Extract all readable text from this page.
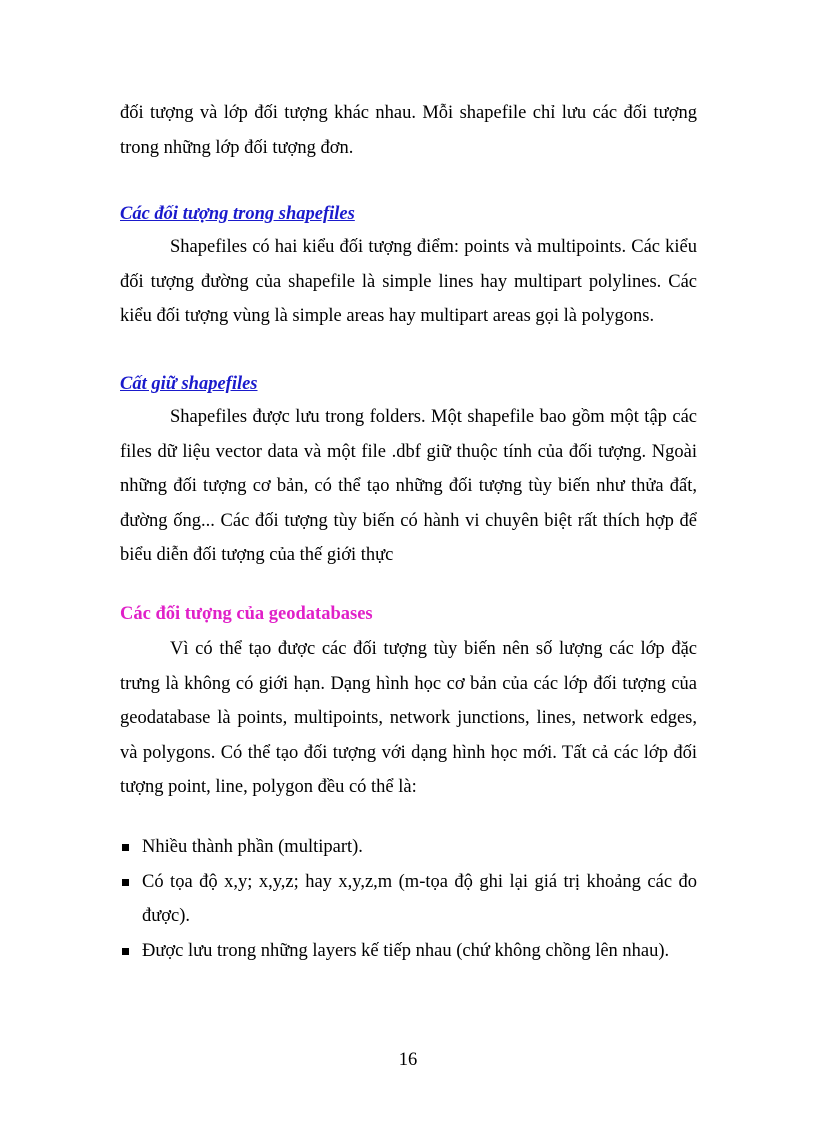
đối tượng và lớp đối tượng khác nhau. Mỗi shapefile chỉ lưu các đối tượng trong những lớp đối tượng đơn.

Các đối tượng trong shapefiles

Shapefiles có hai kiểu đối tượng điểm: points và multipoints. Các kiểu đối tượng đường của shapefile là simple lines hay multipart polylines. Các kiểu đối tượng vùng là simple areas hay multipart areas gọi là polygons.

Cất giữ shapefiles

Shapefiles được lưu trong folders. Một shapefile bao gồm một tập các files dữ liệu vector data và một file .dbf giữ thuộc tính của đối tượng. Ngoài những đối tượng cơ bản, có thể tạo những đối tượng tùy biến như thửa đất, đường ống... Các đối tượng tùy biến có hành vi chuyên biệt rất thích hợp để biểu diễn đối tượng của thế giới thực

Các đối tượng của geodatabases

Vì có thể tạo được các đối tượng tùy biến nên số lượng các lớp đặc trưng là không có giới hạn. Dạng hình học cơ bản của các lớp đối tượng của geodatabase là points, multipoints, network junctions, lines, network edges, và polygons. Có thể tạo đối tượng với dạng hình học mới. Tất cả các lớp đối tượng point, line, polygon đều có thể là:

Nhiều thành phần (multipart).
Có tọa độ x,y; x,y,z; hay x,y,z,m (m-tọa độ ghi lại giá trị khoảng các đo được).
Được lưu trong những layers kế tiếp nhau (chứ không chồng lên nhau).
16
